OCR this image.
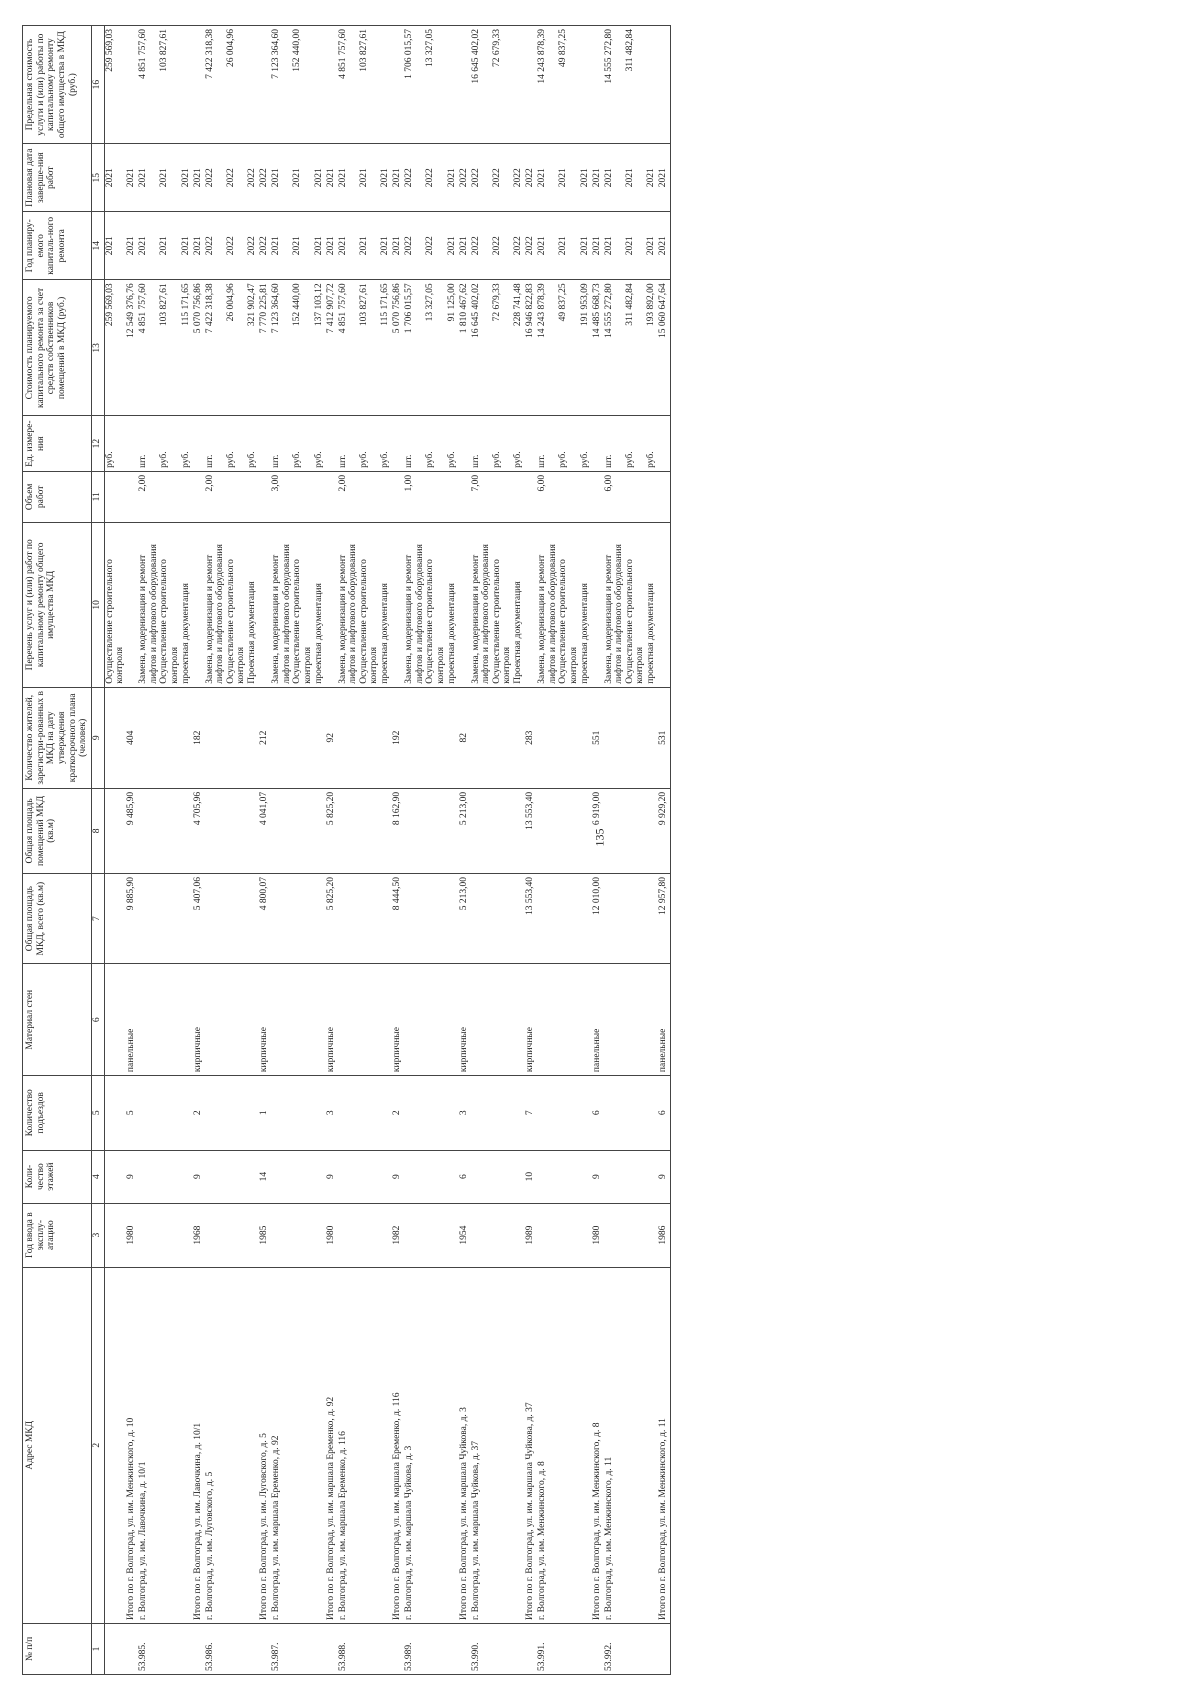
135
№ п/п	Адрес МКД	Год ввода в эксплу-атацию	Коли-чество этажей	Количество подъездов	Материал стен	Общая площадь МКД, всего (кв.м)	Общая площадь помещений МКД (кв.м)	Количество жителей, зарегистри-рованных в МКД на дату утверждения краткосрочного плана (человек)	Перечень услуг и (или) работ по капитальному ремонту общего имущества МКД	Объем работ	Ед. измере-ния	Стоимость планируемого капитального ремонта за счет средств собственников помещений в МКД (руб.)	Год планиру-емого капиталь-ного ремонта	Плановая дата заверше-ния работ	Предельная стоимость услуги и (или) работы по капитальному ремонту общего имущества в МКД (руб.)
1	2	3	4	5	6	7	8	9	10	11	12	13	14	15	16
									Осуществление строительного контроля		руб.	259 569,03	2021	2021	259 569,03
	Итого по г. Волгоград, ул. им. Менжинского, д. 10	1980	9	5	панельные	9 885,90	9 485,90	404				12 549 376,76	2021	2021	
53.985.	г. Волгоград, ул. им. Лавочкина, д. 10/1								Замена, модернизация и ремонт лифтов и лифтового оборудования	2,00	шт.	4 851 757,60	2021	2021	4 851 757,60
									Осуществление строительного контроля		руб.	103 827,61	2021	2021	103 827,61
									проектная документация		руб.	115 171,65	2021	2021	
	Итого по г. Волгоград, ул. им. Лавочкина, д. 10/1	1968	9	2	кирпичные	5 407,06	4 705,96	182				5 070 756,86	2021	2021	
53.986.	г. Волгоград, ул. им. Луговского, д. 5								Замена, модернизация и ремонт лифтов и лифтового оборудования	2,00	шт.	7 422 318,38	2022	2022	7 422 318,38
									Осуществление строительного контроля		руб.	26 004,96	2022	2022	26 004,96
									Проектная документация		руб.	321 902,47	2022	2022	
	Итого по г. Волгоград, ул. им. Луговского, д. 5	1985	14	1	кирпичные	4 800,07	4 041,07	212				7 770 225,81	2022	2022	
53.987.	г. Волгоград, ул. им. маршала Еременко, д. 92								Замена, модернизация и ремонт лифтов и лифтового оборудования	3,00	шт.	7 123 364,60	2021	2021	7 123 364,60
									Осуществление строительного контроля		руб.	152 440,00	2021	2021	152 440,00
									проектная документация		руб.	137 103,12	2021	2021	
	Итого по г. Волгоград, ул. им. маршала Еременко, д. 92	1980	9	3	кирпичные	5 825,20	5 825,20	92				7 412 907,72	2021	2021	
53.988.	г. Волгоград, ул. им. маршала Еременко, д. 116								Замена, модернизация и ремонт лифтов и лифтового оборудования	2,00	шт.	4 851 757,60	2021	2021	4 851 757,60
									Осуществление строительного контроля		руб.	103 827,61	2021	2021	103 827,61
									проектная документация		руб.	115 171,65	2021	2021	
	Итого по г. Волгоград, ул. им. маршала Еременко, д. 116	1982	9	2	кирпичные	8 444,50	8 162,90	192				5 070 756,86	2021	2021	
53.989.	г. Волгоград, ул. им. маршала Чуйкова, д. 3								Замена, модернизация и ремонт лифтов и лифтового оборудования	1,00	шт.	1 706 015,57	2022	2022	1 706 015,57
									Осуществление строительного контроля		руб.	13 327,05	2022	2022	13 327,05
									проектная документация		руб.	91 125,00	2021	2021	
	Итого по г. Волгоград, ул. им. маршала Чуйкова, д. 3	1954	6	3	кирпичные	5 213,00	5 213,00	82				1 810 467,62	2021	2022	
53.990.	г. Волгоград, ул. им. маршала Чуйкова, д. 37								Замена, модернизация и ремонт лифтов и лифтового оборудования	7,00	шт.	16 645 402,02	2022	2022	16 645 402,02
									Осуществление строительного контроля		руб.	72 679,33	2022	2022	72 679,33
									Проектная документация		руб.	228 741,48	2022	2022	
	Итого по г. Волгоград, ул. им. маршала Чуйкова, д. 37	1989	10	7	кирпичные	13 553,40	13 553,40	283				16 946 822,83	2022	2022	
53.991.	г. Волгоград, ул. им. Менжинского, д. 8								Замена, модернизация и ремонт лифтов и лифтового оборудования	6,00	шт.	14 243 878,39	2021	2021	14 243 878,39
									Осуществление строительного контроля		руб.	49 837,25	2021	2021	49 837,25
									проектная документация		руб.	191 953,09	2021	2021	
	Итого по г. Волгоград, ул. им. Менжинского, д. 8	1980	9	6	панельные	12 010,00	6 919,00	551				14 485 668,73	2021	2021	
53.992.	г. Волгоград, ул. им. Менжинского, д. 11								Замена, модернизация и ремонт лифтов и лифтового оборудования	6,00	шт.	14 555 272,80	2021	2021	14 555 272,80
									Осуществление строительного контроля		руб.	311 482,84	2021	2021	311 482,84
									проектная документация		руб.	193 892,00	2021	2021	
	Итого по г. Волгоград, ул. им. Менжинского, д. 11	1986	9	6	панельные	12 957,80	9 929,20	531				15 060 647,64	2021	2021	
